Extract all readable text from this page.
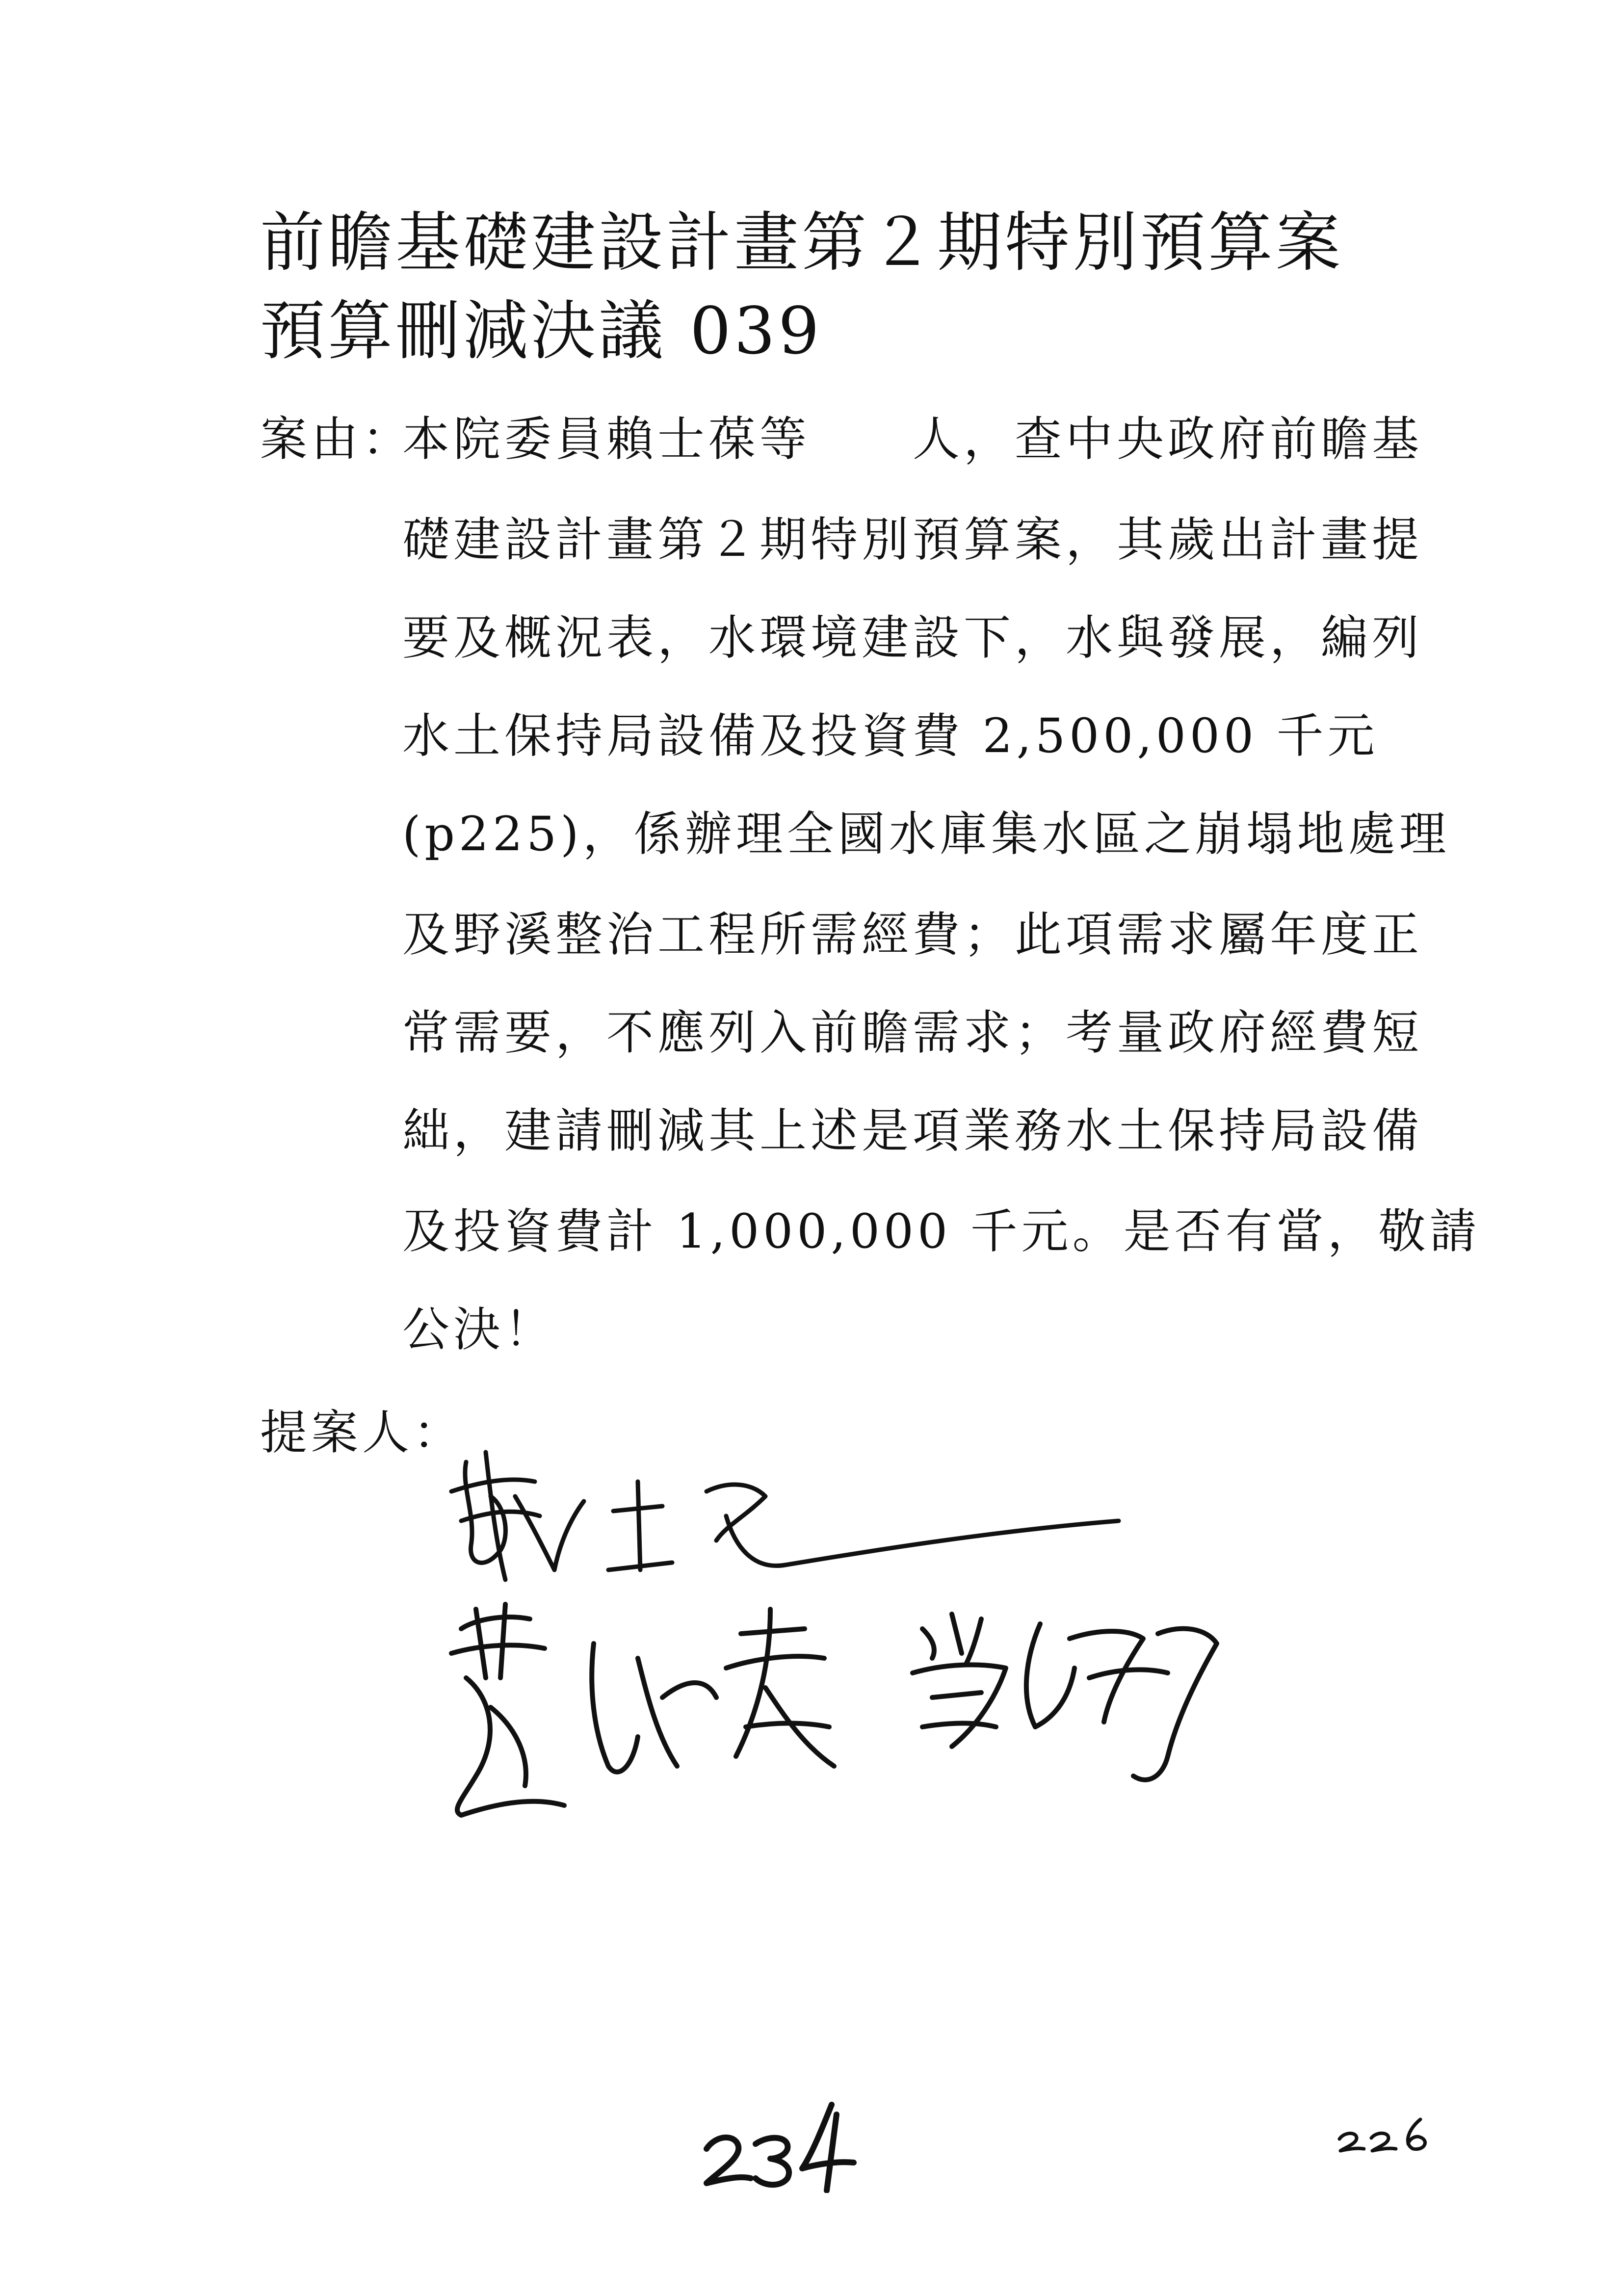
前瞻基礎建設計畫第２期特別預算案
預算刪減決議 039
案由：
本院委員賴士葆等　　人，查中央政府前瞻基
礎建設計畫第２期特別預算案，其歲出計畫提
要及概況表，水環境建設下，水與發展，編列
水土保持局設備及投資費 2,500,000 千元
(p225)，係辦理全國水庫集水區之崩塌地處理
及野溪整治工程所需經費；此項需求屬年度正
常需要，不應列入前瞻需求；考量政府經費短
絀，建請刪減其上述是項業務水土保持局設備
及投資費計 1,000,000 千元。是否有當，敬請
公決！
提案人：
